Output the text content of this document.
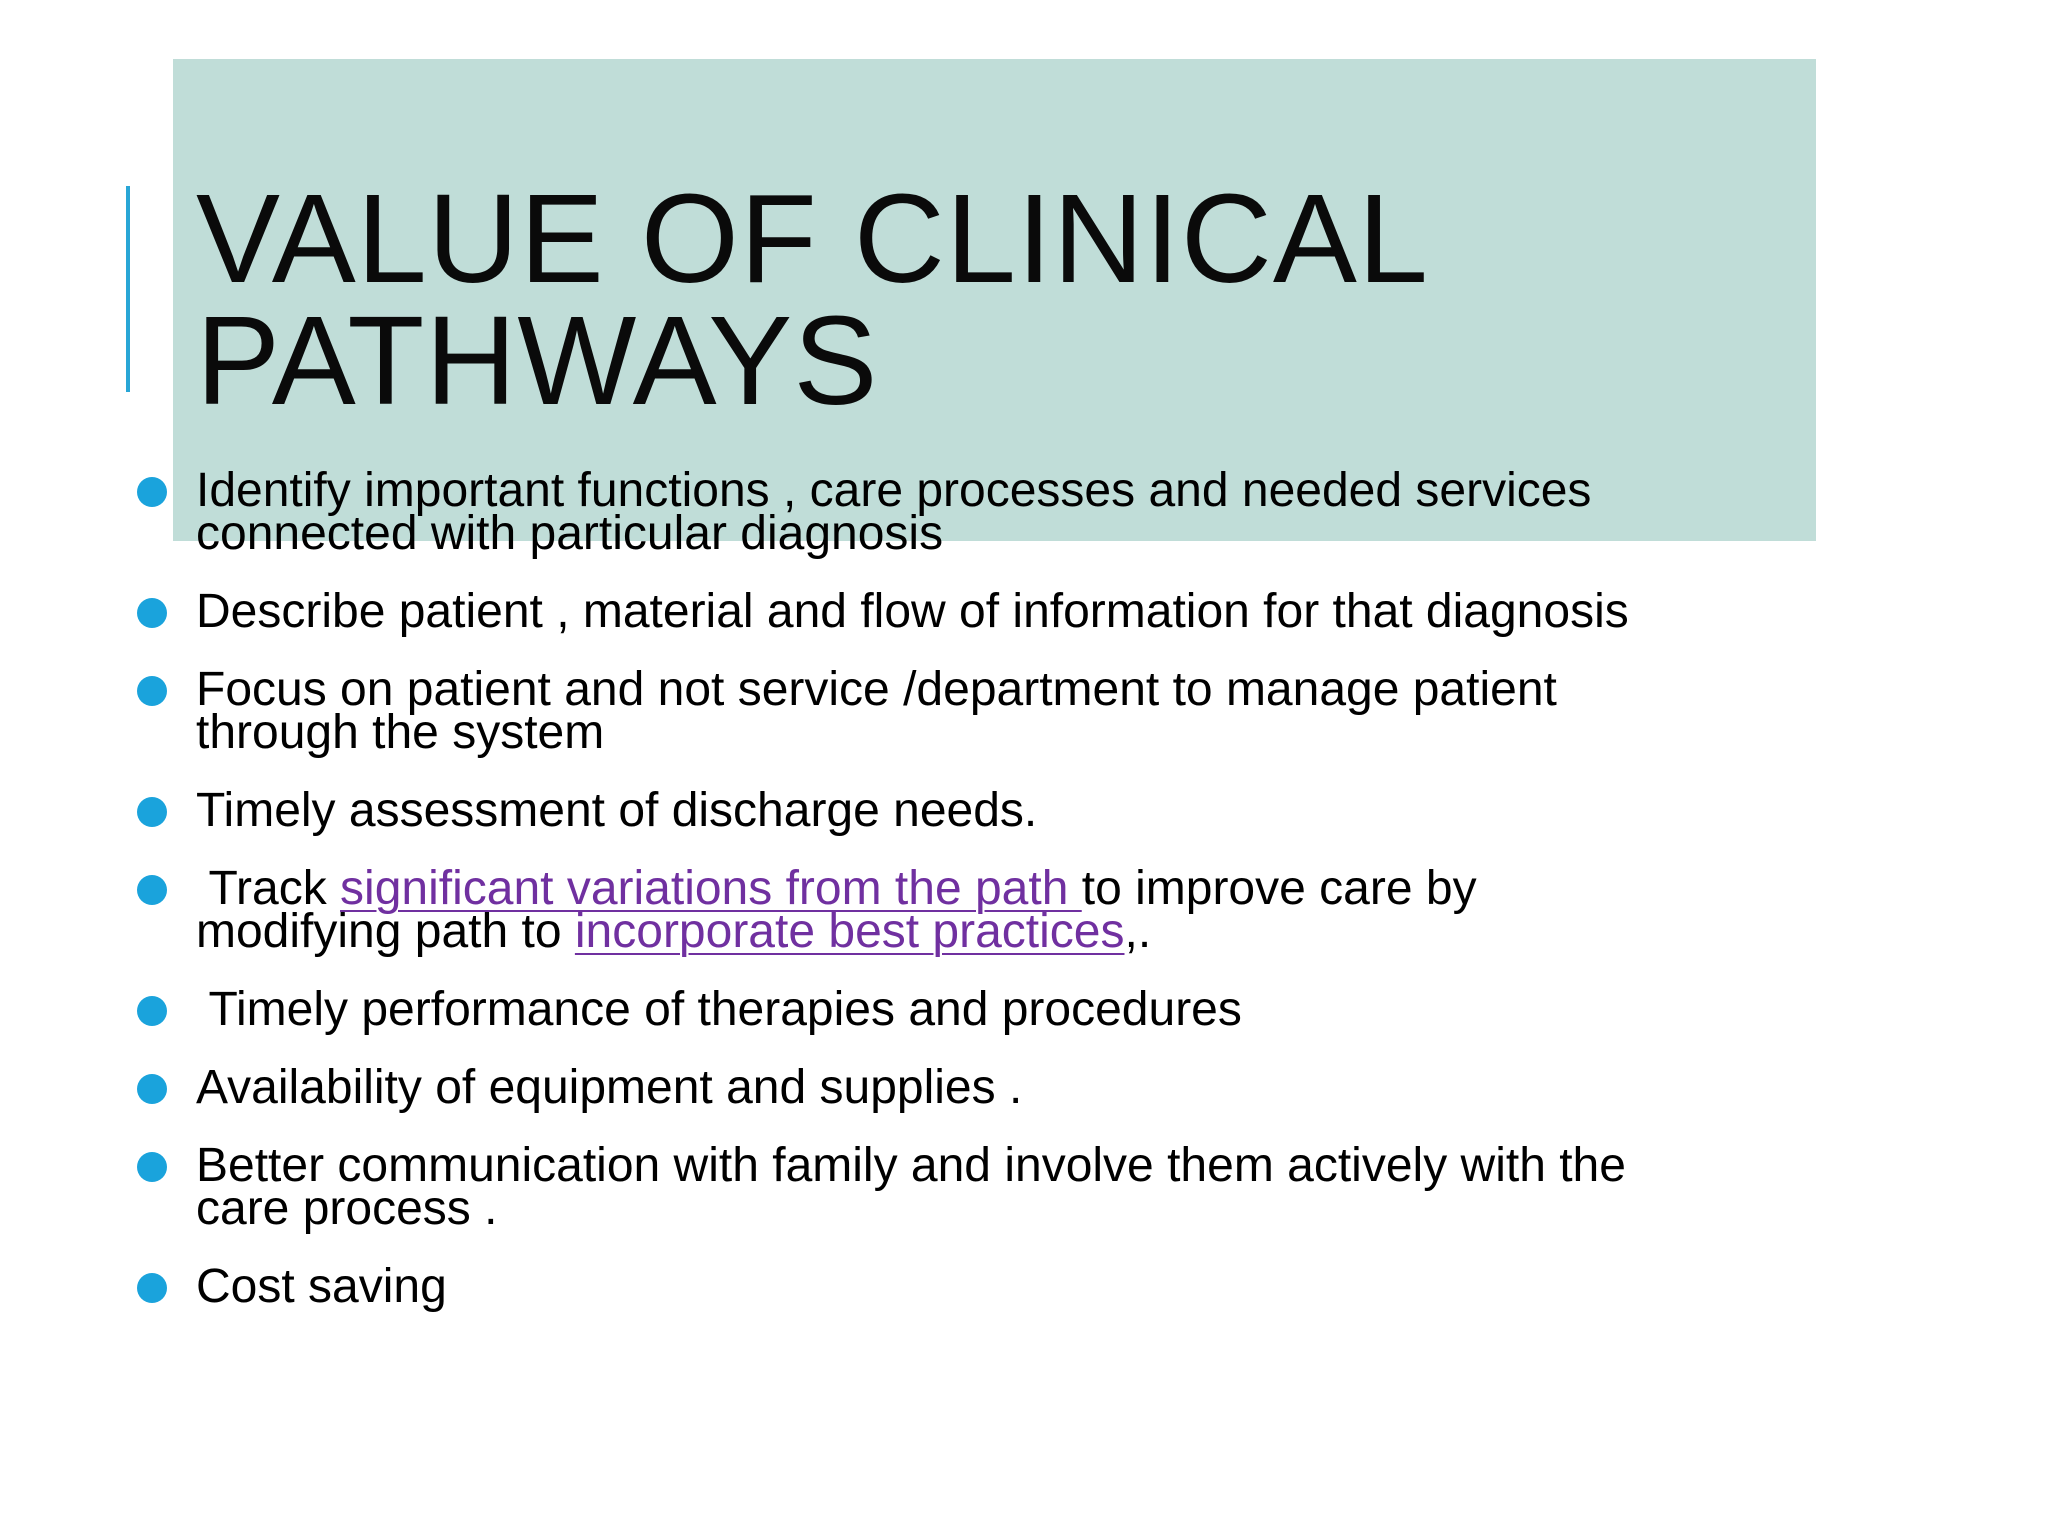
VALUE OF CLINICAL
PATHWAYS
Identify important functions , care processes and needed services
connected with particular diagnosis
Describe patient , material and flow of information for that diagnosis
Focus on patient and not service /department to manage patient
through the system
Timely assessment of discharge needs.
Track significant variations from the path to improve care by
modifying path to incorporate best practices,.
Timely performance of therapies and procedures
Availability of equipment and supplies .
Better communication with family and involve them actively with the
care process .
Cost saving
